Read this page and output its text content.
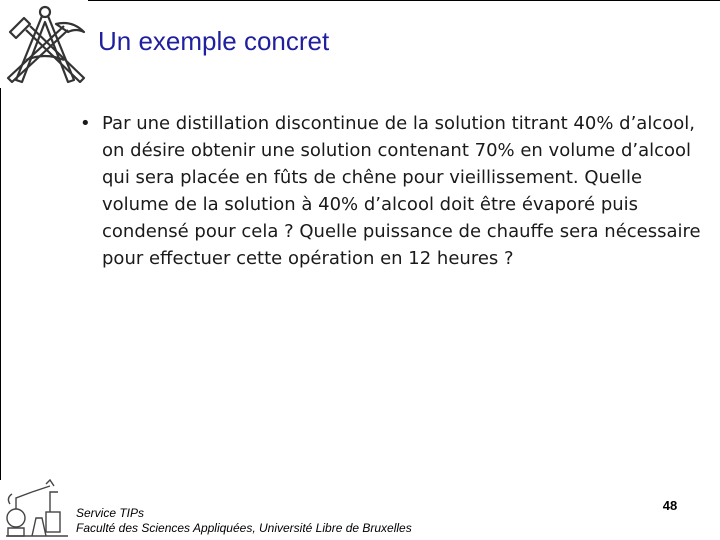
Un exemple concret
• Par une distillation discontinue de la solution titrant 40% d’alcool, on désire obtenir une solution contenant 70% en volume d’alcool qui sera placée en fûts de chêne pour vieillissement. Quelle volume de la solution à 40% d’alcool doit être évaporé puis condensé pour cela ? Quelle puissance de chauffe sera nécessaire pour effectuer cette opération en 12 heures ?
Service TIPs
Faculté des Sciences Appliquées, Université Libre de Bruxelles
48
